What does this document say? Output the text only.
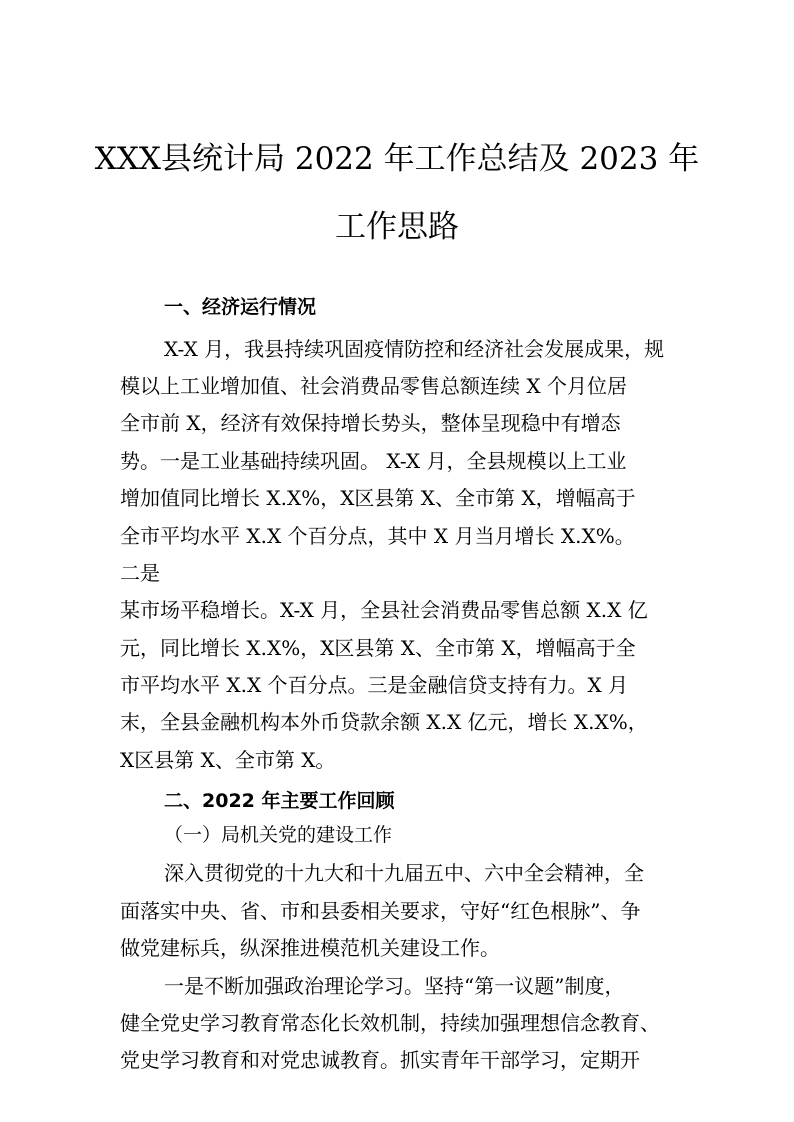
XXX县统计局 2022 年工作总结及 2023 年
工作思路
一、经济运行情况
X-X 月，我县持续巩固疫情防控和经济社会发展成果，规
模以上工业增加值、社会消费品零售总额连续 X 个月位居
全市前 X，经济有效保持增长势头，整体呈现稳中有增态
势。一是工业基础持续巩固。 X-X 月，全县规模以上工业
增加值同比增长 X.X%，X区县第 X、全市第 X，增幅高于
全市平均水平 X.X 个百分点，其中 X 月当月增长 X.X%。
二是
某市场平稳增长。X-X 月，全县社会消费品零售总额 X.X 亿
元，同比增长 X.X%，X区县第 X、全市第 X，增幅高于全
市平均水平 X.X 个百分点。三是金融信贷支持有力。X 月
末，全县金融机构本外币贷款余额 X.X 亿元，增长 X.X%，
X区县第 X、全市第 X。
二、2022 年主要工作回顾
（一）局机关党的建设工作
深入贯彻党的十九大和十九届五中、六中全会精神，全
面落实中央、省、市和县委相关要求，守好“红色根脉”、争
做党建标兵，纵深推进模范机关建设工作。
一是不断加强政治理论学习。坚持“第一议题”制度，
健全党史学习教育常态化长效机制，持续加强理想信念教育、
党史学习教育和对党忠诚教育。抓实青年干部学习，定期开
